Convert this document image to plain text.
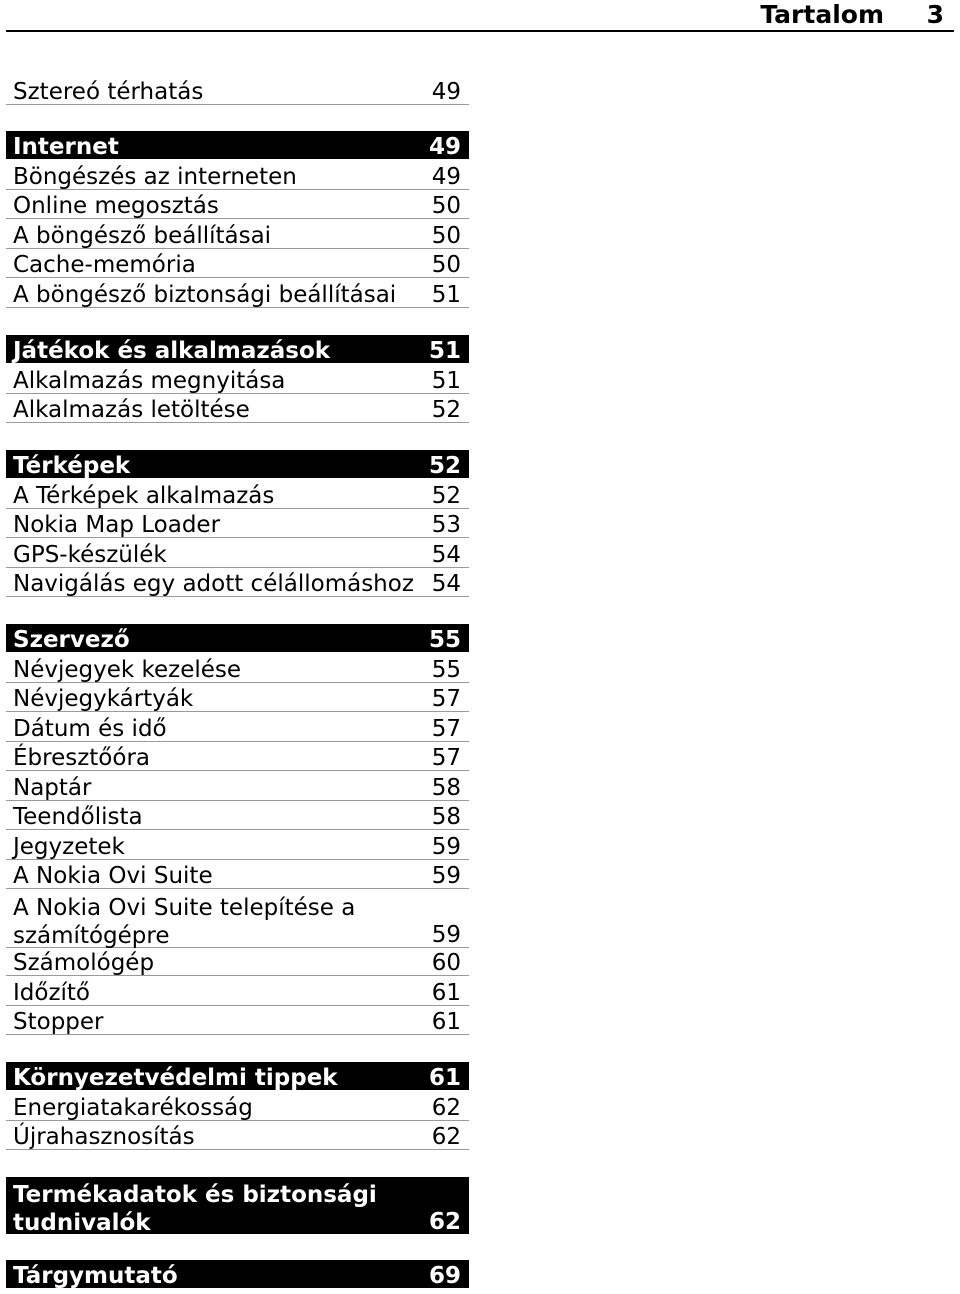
Tartalom 3
Sztereó térhatás	49
Internet	49
Böngészés az interneten	49
Online megosztás	50
A böngésző beállításai	50
Cache-memória	50
A böngésző biztonsági beállításai 51
Játékok és alkalmazások	51
Alkalmazás megnyitása	51
Alkalmazás letöltése	52
Térképek	52
A Térképek alkalmazás	52
Nokia Map Loader	53
GPS-készülék	54
Navigálás egy adott célállomáshoz 54
Szervező	55
Névjegyek kezelése	55
Névjegykártyák	57
Dátum és idő	57
Ébresztőóra	57
Naptár	58
Teendőlista	58
Jegyzetek	59
A Nokia Ovi Suite	59
A Nokia Ovi Suite telepítése a számítógépre	59
Számológép	60
Időzítő	61
Stopper	61
Környezetvédelmi tippek	61
Energiatakarékosság	62
Újrahasznosítás	62
Termékadatok és biztonsági tudnivalók	62
Tárgymutató	69
